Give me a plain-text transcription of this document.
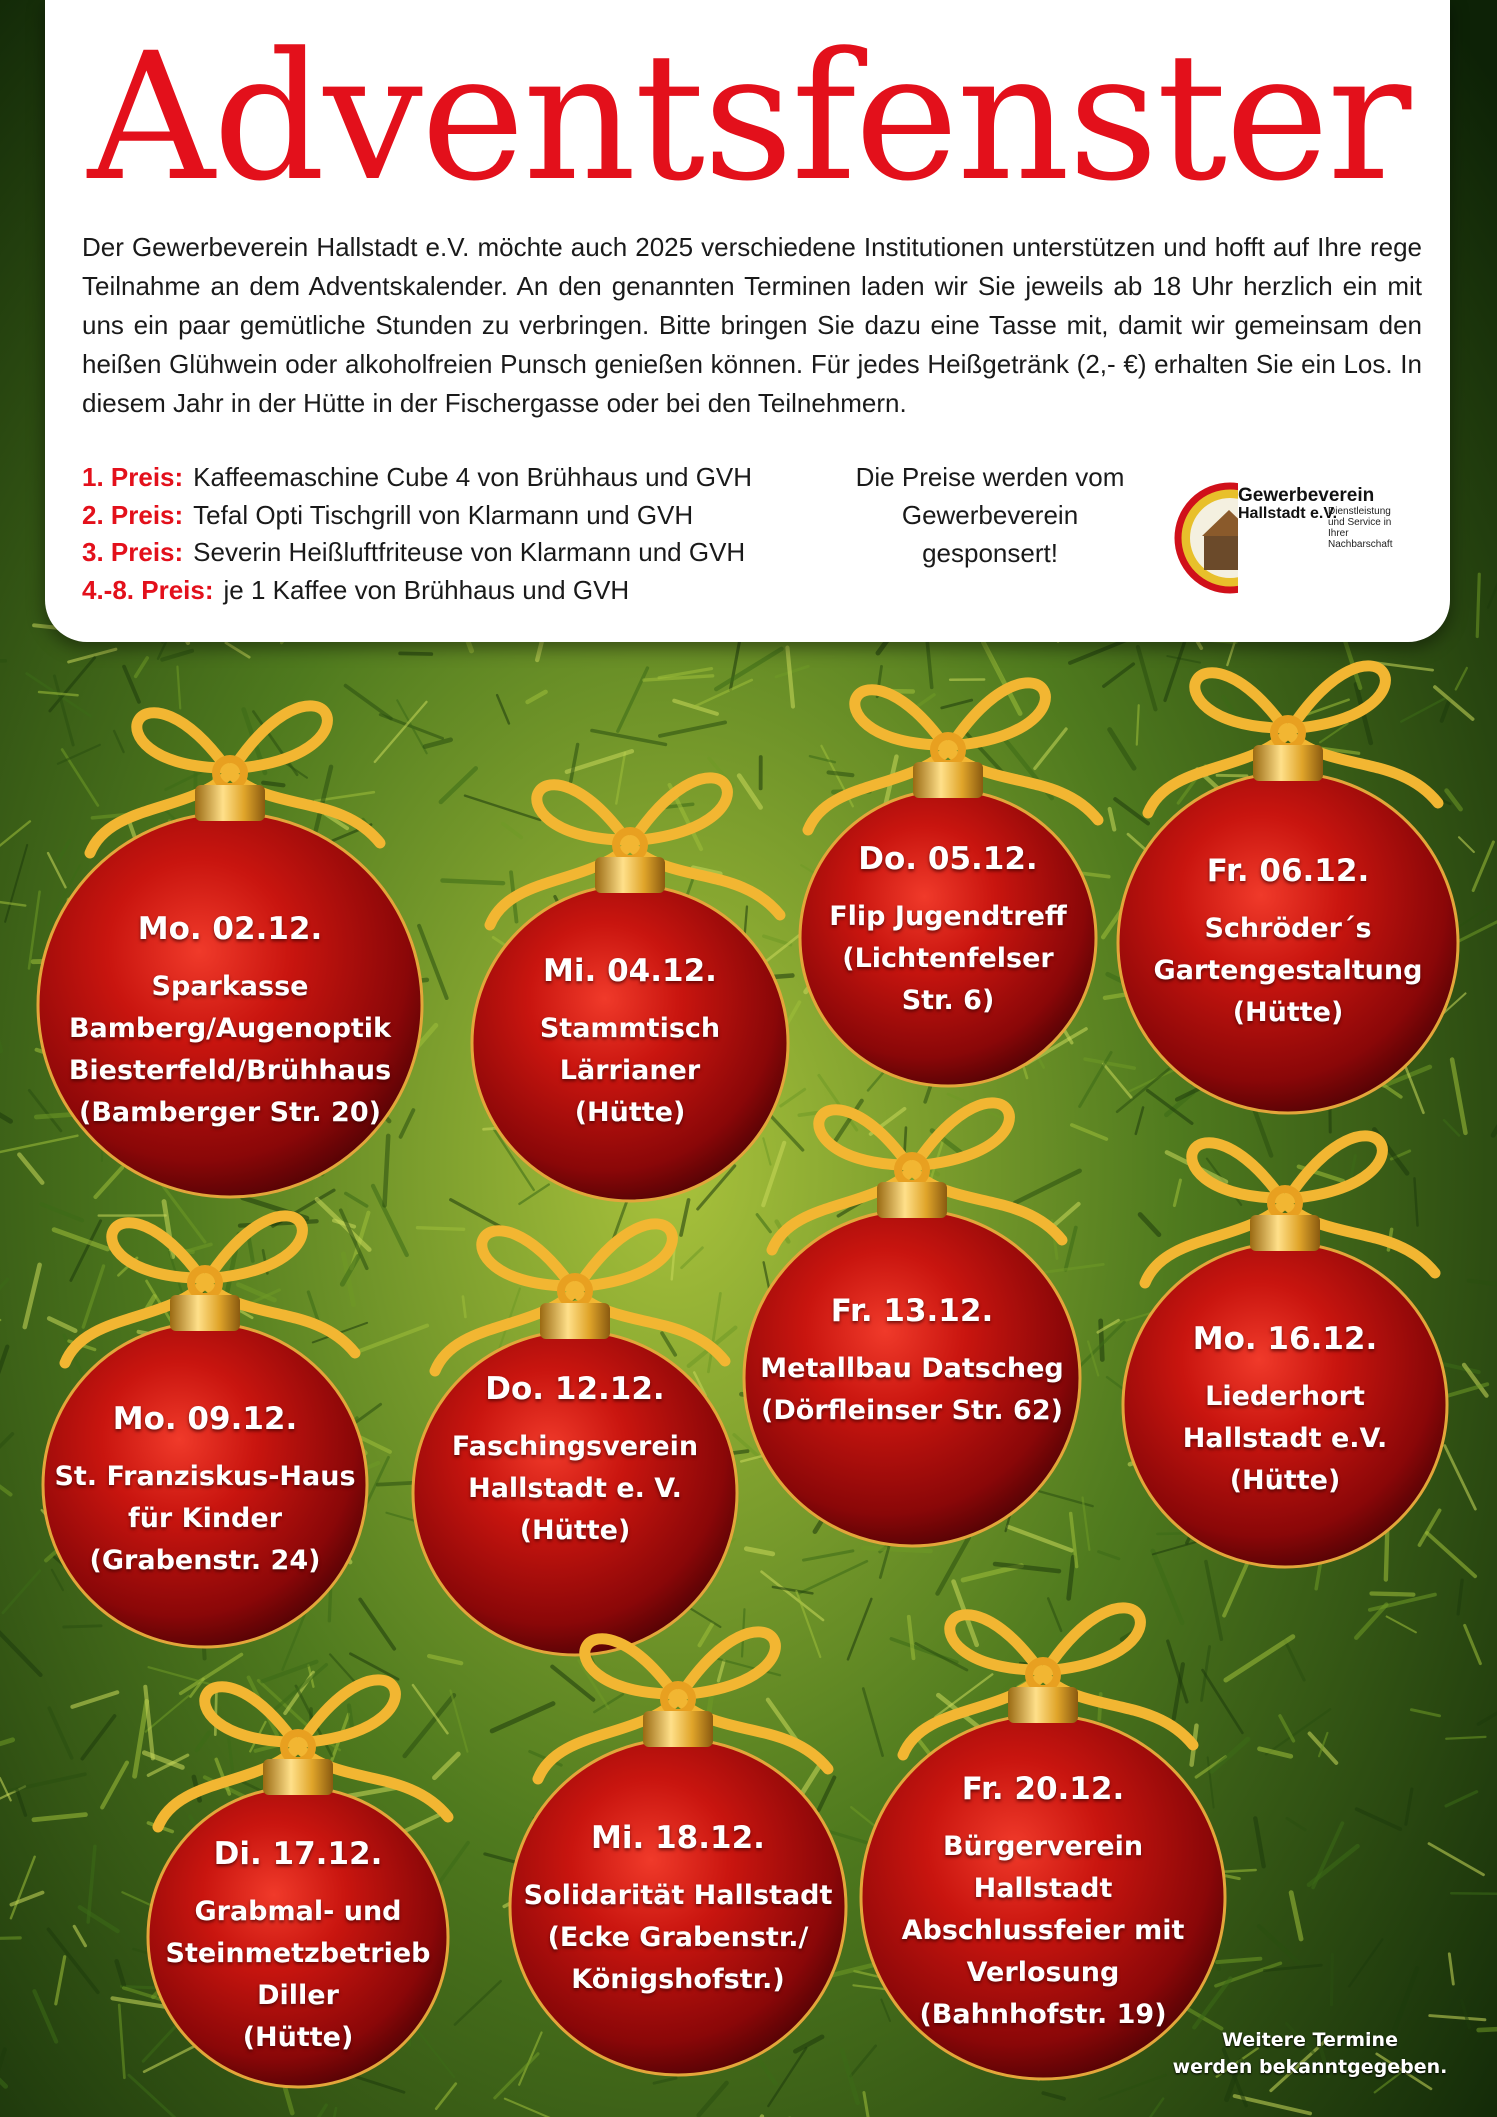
Adventsfenster
Der Gewerbeverein Hallstadt e.V. möchte auch 2025 verschiedene Institutionen unterstützen und hofft auf Ihre rege Teilnahme an dem Adventskalender. An den genannten Terminen laden wir Sie jeweils ab 18 Uhr herzlich ein mit uns ein paar gemütliche Stunden zu verbringen. Bitte bringen Sie dazu eine Tasse mit, damit wir gemeinsam den heißen Glühwein oder alkoholfreien Punsch genießen können. Für jedes Heißgetränk (2,- €) erhalten Sie ein Los. In diesem Jahr in der Hütte in der Fischergasse oder bei den Teilnehmern.
1. Preis: Kaffeemaschine Cube 4 von Brühhaus und GVH
2. Preis: Tefal Opti Tischgrill von Klarmann und GVH
3. Preis: Severin Heißluftfriteuse von Klarmann und GVH
4.-8. Preis: je 1 Kaffee von Brühhaus und GVH
Die Preise werden vom Gewerbeverein gesponsert!
Gewerbeverein
Hallstadt e.V.
Dienstleistung und Service in Ihrer Nachbarschaft
Mo. 02.12.
Sparkasse
Bamberg/Augenoptik
Biesterfeld/Brühhaus
(Bamberger Str. 20)
Mi. 04.12.
Stammtisch
Lärrianer
(Hütte)
Do. 05.12.
Flip Jugendtreff
(Lichtenfelser
Str. 6)
Fr. 06.12.
Schröder´s
Gartengestaltung
(Hütte)
Mo. 09.12.
St. Franziskus-Haus
für Kinder
(Grabenstr. 24)
Do. 12.12.
Faschingsverein
Hallstadt e. V.
(Hütte)
Fr. 13.12.
Metallbau Datscheg
(Dörfleinser Str. 62)
Mo. 16.12.
Liederhort
Hallstadt e.V.
(Hütte)
Di. 17.12.
Grabmal- und
Steinmetzbetrieb
Diller
(Hütte)
Mi. 18.12.
Solidarität Hallstadt
(Ecke Grabenstr./
Königshofstr.)
Fr. 20.12.
Bürgerverein Hallstadt
Abschlussfeier mit
Verlosung
(Bahnhofstr. 19)
Weitere Termine
werden bekanntgegeben.
